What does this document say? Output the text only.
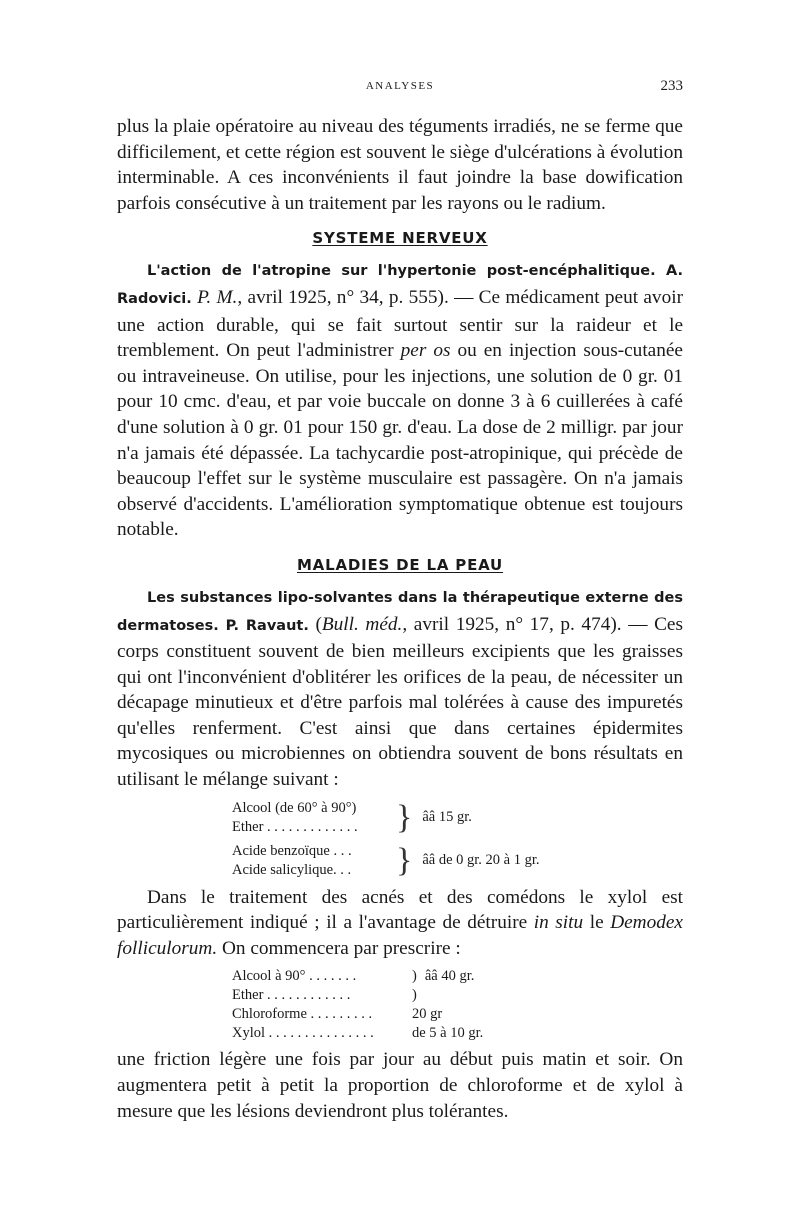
ANALYSES	233

plus la plaie opératoire au niveau des téguments irradiés, ne se ferme que difficilement, et cette région est souvent le siège d'ulcérations à évolution interminable. A ces inconvénients il faut joindre la base dowification parfois consécutive à un traitement par les rayons ou le radium.

SYSTEME NERVEUX

L'action de l'atropine sur l'hypertonie post-encéphalitique. A. Radovici. P. M., avril 1925, n° 34, p. 555). — Ce médicament peut avoir une action durable, qui se fait surtout sentir sur la raideur et le tremblement. On peut l'administrer per os ou en injection sous-cutanée ou intraveineuse. On utilise, pour les injections, une solution de 0 gr. 01 pour 10 cmc. d'eau, et par voie buccale on donne 3 à 6 cuillerées à café d'une solution à 0 gr. 01 pour 150 gr. d'eau. La dose de 2 milligr. par jour n'a jamais été dépassée. La tachycardie post-atropinique, qui précède de beaucoup l'effet sur le système musculaire est passagère. On n'a jamais observé d'accidents. L'amélioration symptomatique obtenue est toujours notable.

MALADIES DE LA PEAU

Les substances lipo-solvantes dans la thérapeutique externe des dermatoses. P. Ravaut. (Bull. méd., avril 1925, n° 17, p. 474). — Ces corps constituent souvent de bien meilleurs excipients que les graisses qui ont l'inconvénient d'oblitérer les orifices de la peau, de nécessiter un décapage minutieux et d'être parfois mal tolérées à cause des impuretés qu'elles renferment. C'est ainsi que dans certaines épidermites mycosiques ou microbiennes on obtiendra souvent de bons résultats en utilisant le mélange suivant :

Alcool (de 60° à 90°)
Ether . . . . . . . . . . . . .	} ââ 15 gr.
Acide benzoïque . . .
Acide salicylique. . .	} ââ de 0 gr. 20 à 1 gr.

Dans le traitement des acnés et des comédons le xylol est particulièrement indiqué ; il a l'avantage de détruire in situ le Demodex folliculorum. On commencera par prescrire :

Alcool à 90° . . . . . . .	) ââ 40 gr.
Ether . . . . . . . . . . . .	)
Chloroforme . . . . . . . . .	20 gr
Xylol . . . . . . . . . . . . . . .	de 5 à 10 gr.

une friction légère une fois par jour au début puis matin et soir. On augmentera petit à petit la proportion de chloroforme et de xylol à mesure que les lésions deviendront plus tolérantes.
